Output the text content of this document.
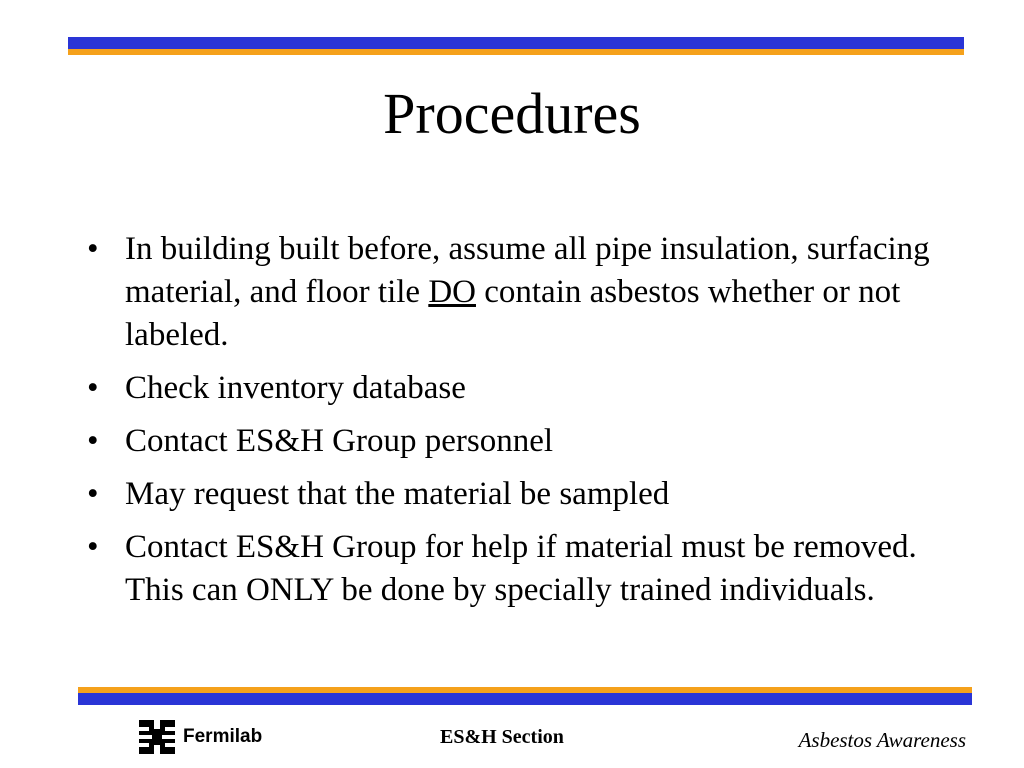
Procedures
• In building built before, assume all pipe insulation, surfacing material, and floor tile DO contain asbestos whether or not labeled.
• Check inventory database
• Contact ES&H Group personnel
• May request that the material be sampled
• Contact ES&H Group for help if material must be removed. This can ONLY be done by specially trained individuals.
Fermilab	ES&H Section	Asbestos Awareness
